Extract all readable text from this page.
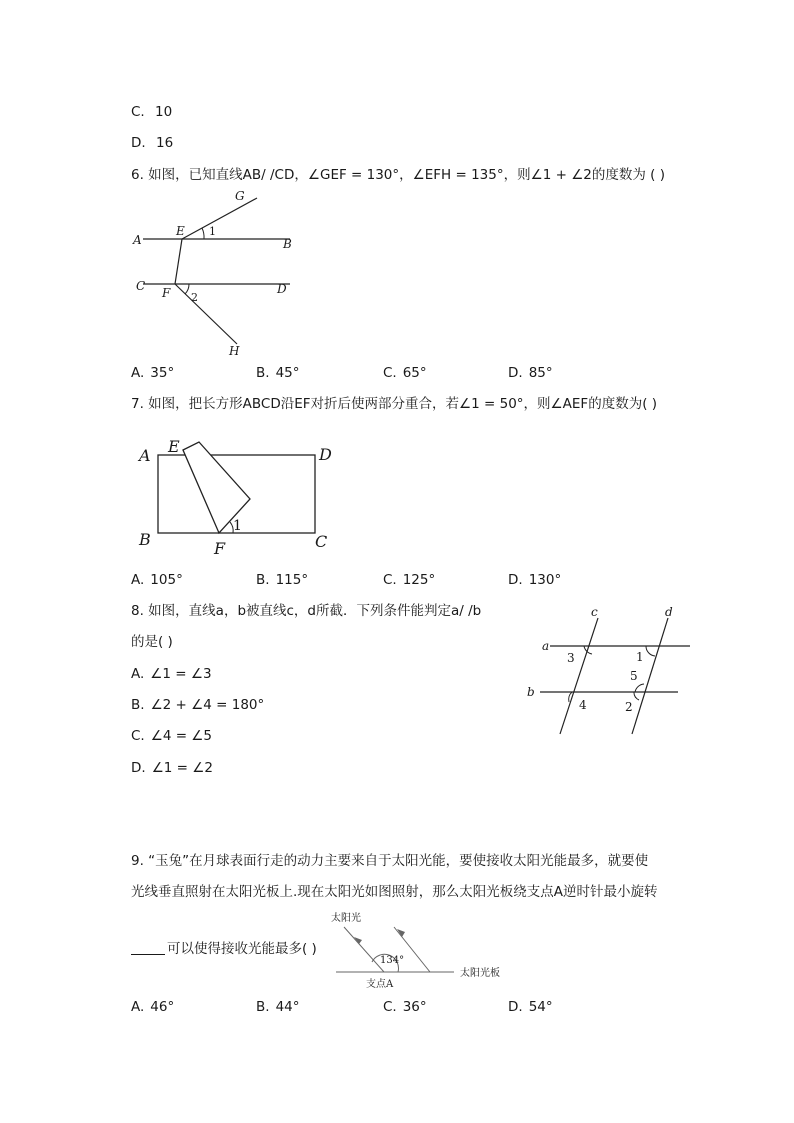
C. 10
D. 16
6. 如图，已知直线AB/ /CD，∠GEF = 130°，∠EFH = 135°，则∠1 + ∠2的度数为 ( )
A	B
C	D
E
F
G
H
1
2
A. 35°	B. 45°	C. 65°	D. 85°
7. 如图，把长方形ABCD沿EF对折后使两部分重合，若∠1 = 50°，则∠AEF的度数为( )
A E	D
B	F	C
1
A. 105°	B. 115°	C. 125°	D. 130°
8. 如图，直线a，b被直线c，d所截．下列条件能判定a/ /b
的是( )	a
b
c	d
1
2
3
4
5
A. ∠1 = ∠3
B. ∠2 + ∠4 = 180°
C. ∠4 = ∠5
D. ∠1 = ∠2
9. “玉兔”在月球表面行走的动力主要来自于太阳光能，要使接收太阳光能最多，就要使
光线垂直照射在太阳光板上.现在太阳光如图照射，那么太阳光板绕支点A逆时针最小旋转
可以使得接收光能最多( )
太阳光
134°
支点A
太阳光板
A. 46°	B. 44°	C. 36°	D. 54°
